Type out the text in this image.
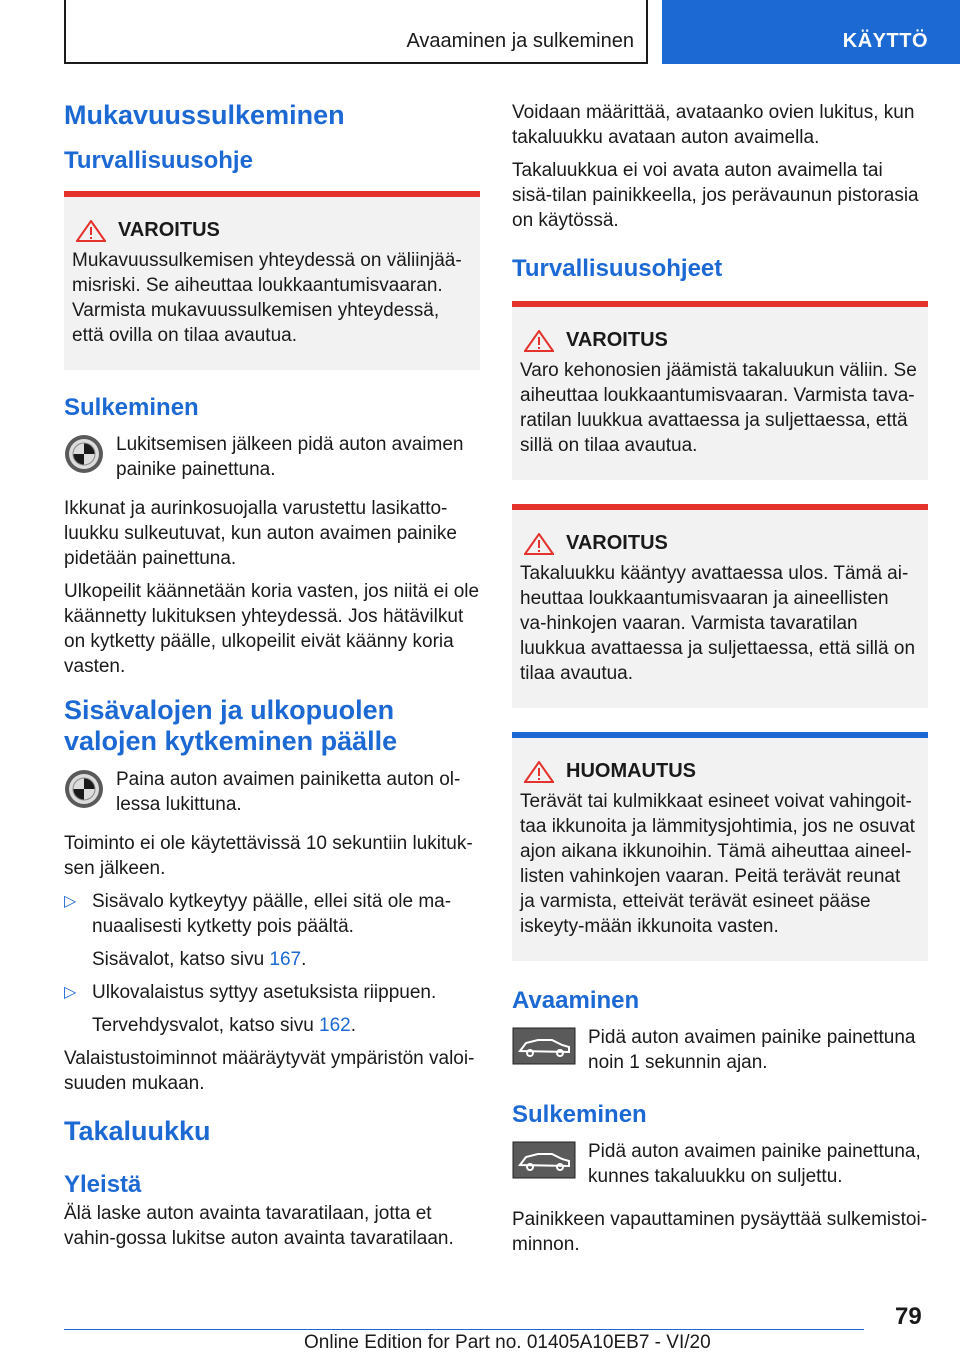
Avaaminen ja sulkeminen	KÄYTTÖ
Mukavuussulkeminen
Turvallisuusohje
VAROITUS
Mukavuussulkemisen yhteydessä on väliinjää-misriski. Se aiheuttaa loukkaantumisvaaran. Varmista mukavuussulkemisen yhteydessä, että ovilla on tilaa avautua.
Sulkeminen
Lukitsemisen jälkeen pidä auton avaimen painike painettuna.
Ikkunat ja aurinkosuojalla varustettu lasikatto-luukku sulkeutuvat, kun auton avaimen painike pidetään painettuna.
Ulkopeilit käännetään koria vasten, jos niitä ei ole käännetty lukituksen yhteydessä. Jos hätävilkut on kytketty päälle, ulkopeilit eivät käänny koria vasten.
Sisävalojen ja ulkopuolen valojen kytkeminen päälle
Paina auton avaimen painiketta auton ol-lessa lukittuna.
Toiminto ei ole käytettävissä 10 sekuntiin lukituk-sen jälkeen.
▷ Sisävalo kytkeytyy päälle, ellei sitä ole ma-nuaalisesti kytketty pois päältä.
Sisävalot, katso sivu 167.
▷ Ulkovalaistus syttyy asetuksista riippuen.
Tervehdysvalot, katso sivu 162.
Valaistustoiminnot määräytyvät ympäristön valoi-suuden mukaan.
Takaluukku
Yleistä
Älä laske auton avainta tavaratilaan, jotta et vahin-gossa lukitse auton avainta tavaratilaan.
Voidaan määrittää, avataanko ovien lukitus, kun takaluukku avataan auton avaimella.
Takaluukkua ei voi avata auton avaimella tai sisä-tilan painikkeella, jos perävaunun pistorasia on käytössä.
Turvallisuusohjeet
VAROITUS
Varo kehonosien jäämistä takaluukun väliin. Se aiheuttaa loukkaantumisvaaran. Varmista tava-ratilan luukkua avattaessa ja suljettaessa, että sillä on tilaa avautua.
VAROITUS
Takaluukku kääntyy avattaessa ulos. Tämä ai-heuttaa loukkaantumisvaaran ja aineellisten va-hinkojen vaaran. Varmista tavaratilan luukkua avattaessa ja suljettaessa, että sillä on tilaa avautua.
HUOMAUTUS
Terävät tai kulmikkaat esineet voivat vahingoit-taa ikkunoita ja lämmitysjohtimia, jos ne osuvat ajon aikana ikkunoihin. Tämä aiheuttaa aineel-listen vahinkojen vaaran. Peitä terävät reunat ja varmista, etteivät terävät esineet pääse iskeyty-mään ikkunoita vasten.
Avaaminen
Pidä auton avaimen painike painettuna noin 1 sekunnin ajan.
Sulkeminen
Pidä auton avaimen painike painettuna, kunnes takaluukku on suljettu.
Painikkeen vapauttaminen pysäyttää sulkemistoi-minnon.
79
Online Edition for Part no. 01405A10EB7 - VI/20
